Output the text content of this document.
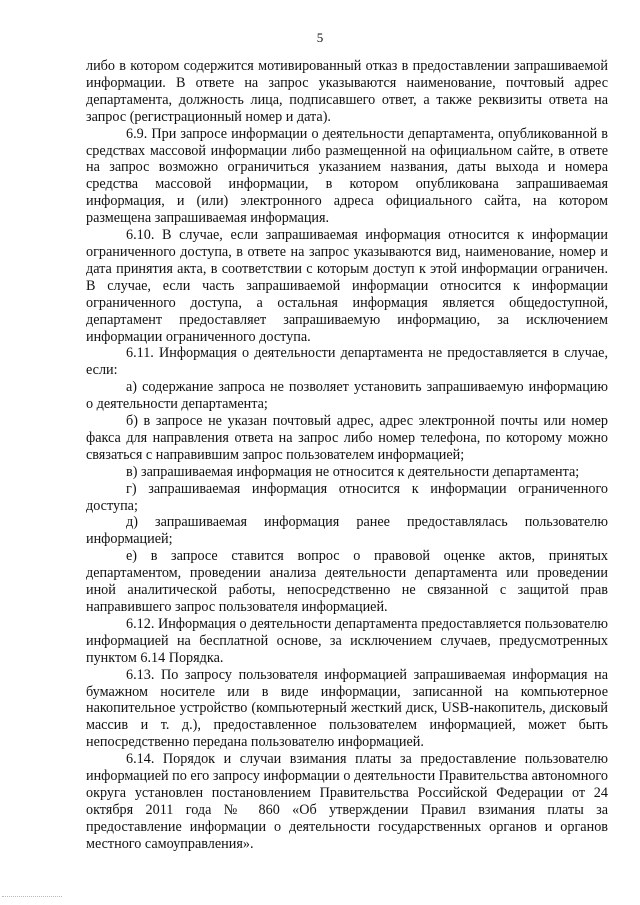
5

либо в котором содержится мотивированный отказ в предоставлении запрашиваемой информации. В ответе на запрос указываются наименование, почтовый адрес департамента, должность лица, подписавшего ответ, а также реквизиты ответа на запрос (регистрационный номер и дата).

6.9. При запросе информации о деятельности департамента, опубликованной в средствах массовой информации либо размещенной на официальном сайте, в ответе на запрос возможно ограничиться указанием названия, даты выхода и номера средства массовой информации, в котором опубликована запрашиваемая информация, и (или) электронного адреса официального сайта, на котором размещена запрашиваемая информация.

6.10. В случае, если запрашиваемая информация относится к информации ограниченного доступа, в ответе на запрос указываются вид, наименование, номер и дата принятия акта, в соответствии с которым доступ к этой информации ограничен. В случае, если часть запрашиваемой информации относится к информации ограниченного доступа, а остальная информация является общедоступной, департамент предоставляет запрашиваемую информацию, за исключением информации ограниченного доступа.

6.11. Информация о деятельности департамента не предоставляется в случае, если:

а) содержание запроса не позволяет установить запрашиваемую информацию о деятельности департамента;

б) в запросе не указан почтовый адрес, адрес электронной почты или номер факса для направления ответа на запрос либо номер телефона, по которому можно связаться с направившим запрос пользователем информацией;

в) запрашиваемая информация не относится к деятельности департамента;

г) запрашиваемая информация относится к информации ограниченного доступа;

д) запрашиваемая информация ранее предоставлялась пользователю информацией;

е) в запросе ставится вопрос о правовой оценке актов, принятых департаментом, проведении анализа деятельности департамента или проведении иной аналитической работы, непосредственно не связанной с защитой прав направившего запрос пользователя информацией.

6.12. Информация о деятельности департамента предоставляется пользователю информацией на бесплатной основе, за исключением случаев, предусмотренных пунктом 6.14 Порядка.

6.13. По запросу пользователя информацией запрашиваемая информация на бумажном носителе или в виде информации, записанной на компьютерное накопительное устройство (компьютерный жесткий диск, USB-накопитель, дисковый массив и т. д.), предоставленное пользователем информацией, может быть непосредственно передана пользователю информацией.

6.14. Порядок и случаи взимания платы за предоставление пользователю информацией по его запросу информации о деятельности Правительства автономного округа установлен постановлением Правительства Российской Федерации от 24 октября 2011 года № 860 «Об утверждении Правил взимания платы за предоставление информации о деятельности государственных органов и органов местного самоуправления».
